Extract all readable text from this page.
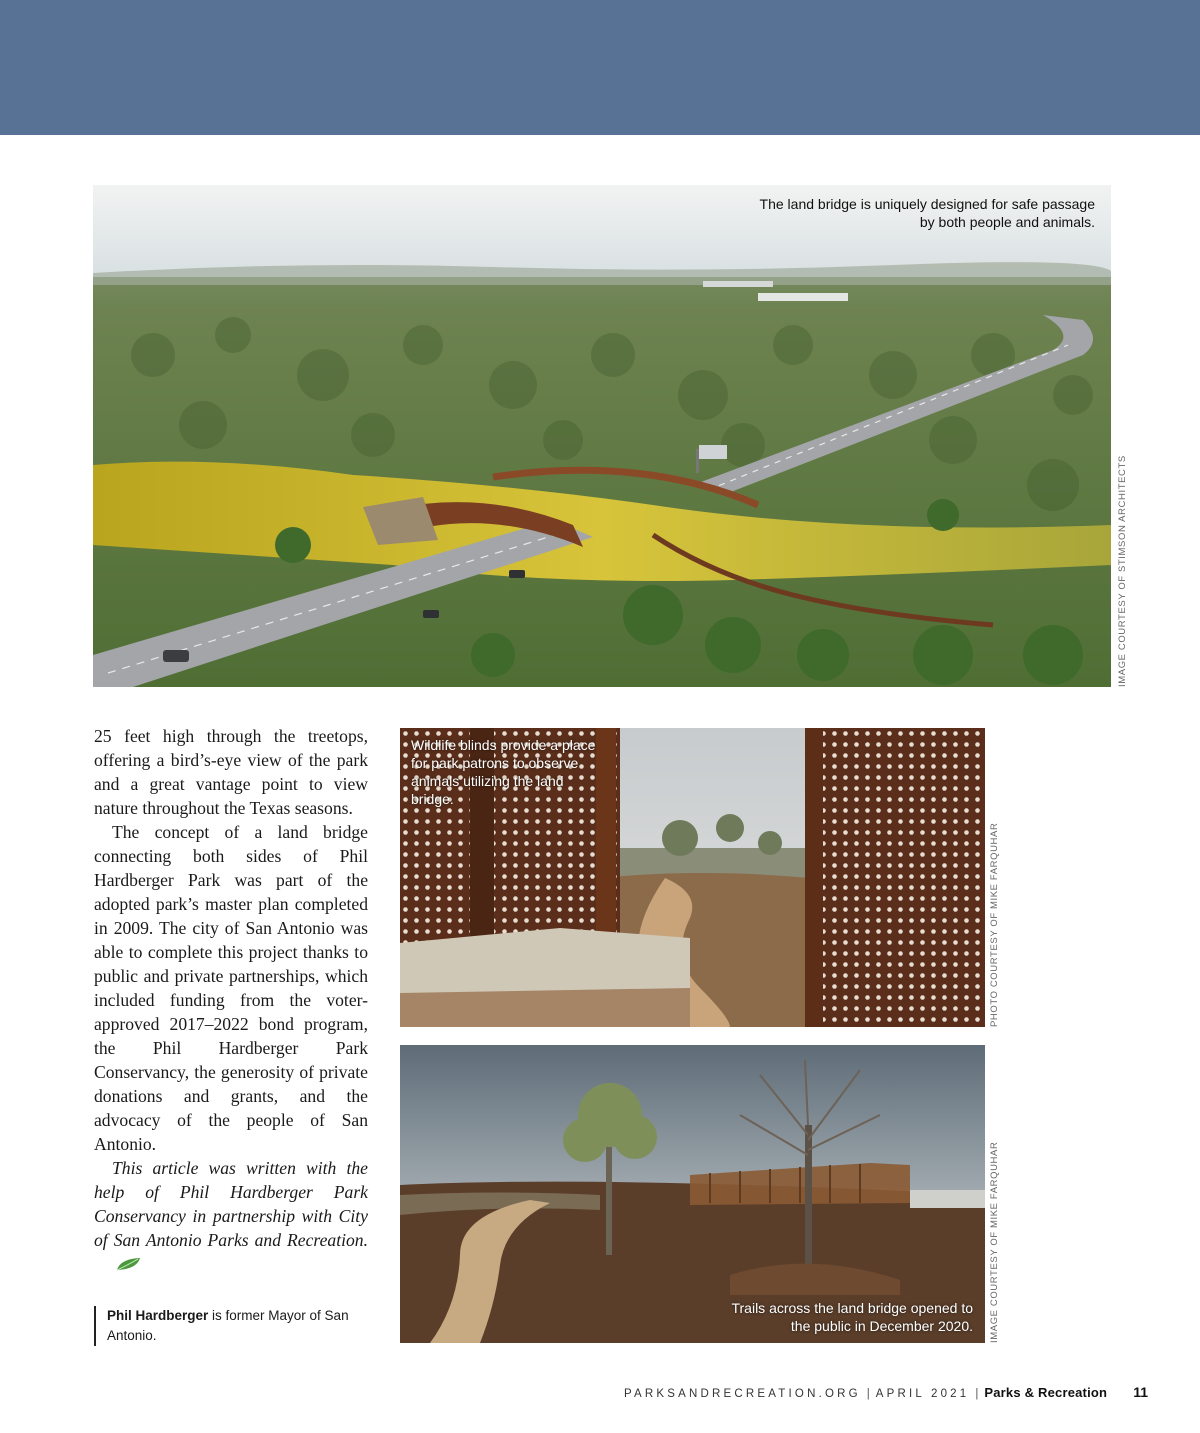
The land bridge is uniquely designed for safe passage by both people and animals.
IMAGE COURTESY OF STIMSON ARCHITECTS
Wildlife blinds provide a place for park patrons to observe animals utilizing the land bridge.
PHOTO COURTESY OF MIKE FARQUHAR
Trails across the land bridge opened to the public in December 2020. IMAGE COURTESY OF MIKE FARQUHAR

25 feet high through the treetops, offering a bird’s-eye view of the park and a great vantage point to view nature throughout the Texas seasons.

The concept of a land bridge connecting both sides of Phil Hardberger Park was part of the adopted park’s master plan completed in 2009. The city of San Antonio was able to complete this project thanks to public and private partnerships, which included funding from the voter-approved 2017–2022 bond program, the Phil Hardberger Park Conservancy, the generosity of private donations and grants, and the advocacy of the people of San Antonio.

This article was written with the help of Phil Hardberger Park Conservancy in partnership with City of San Antonio Parks and Recreation.

Phil Hardberger is former Mayor of San Antonio.
PARKSANDRECREATION.ORG | APRIL 2021 | Parks & Recreation 11
